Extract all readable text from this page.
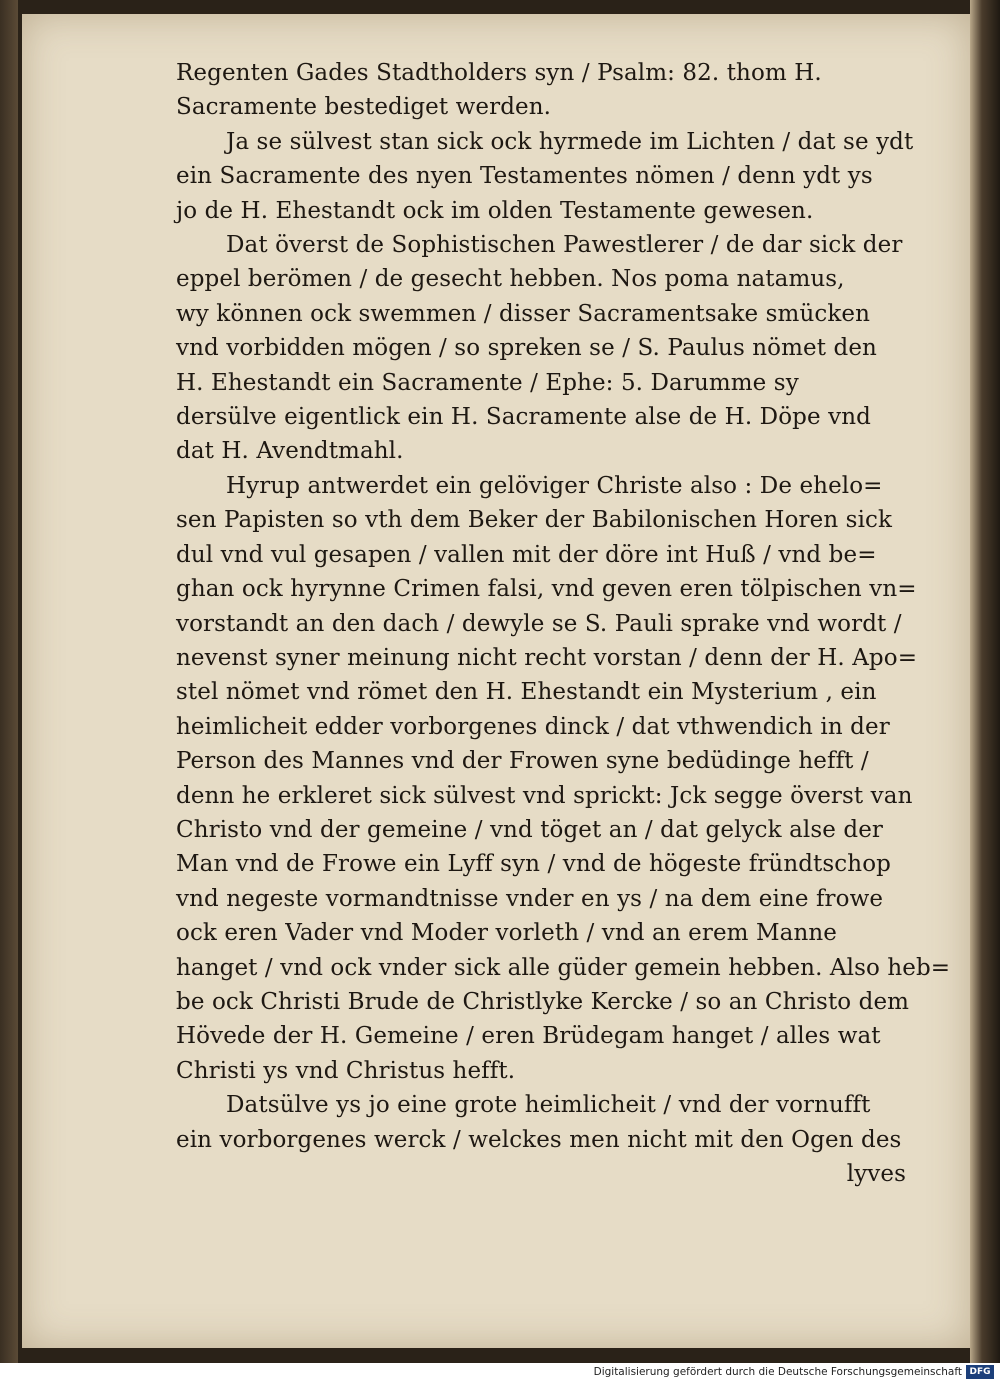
Regenten Gades Stadtholders syn / Psalm: 82. thom H.
Sacramente bestediget werden.
Ja se sülvest stan sick ock hyrmede im Lichten / dat se ydt
ein Sacramente des nyen Testamentes nömen / denn ydt ys
jo de H. Ehestandt ock im olden Testamente gewesen.
Dat överst de Sophistischen Pawestlerer / de dar sick der
eppel berömen / de gesecht hebben. Nos poma natamus,
wy können ock swemmen / disser Sacramentsake smücken
vnd vorbidden mögen / so spreken se / S. Paulus nömet den
H. Ehestandt ein Sacramente / Ephe: 5. Darumme sy
dersülve eigentlick ein H. Sacramente alse de H. Döpe vnd
dat H. Avendtmahl.
Hyrup antwerdet ein gelöviger Christe also : De ehelo=
sen Papisten so vth dem Beker der Babilonischen Horen sick
dul vnd vul gesapen / vallen mit der döre int Huß / vnd be=
ghan ock hyrynne Crimen falsi, vnd geven eren tölpischen vn=
vorstandt an den dach / dewyle se S. Pauli sprake vnd wordt /
nevenst syner meinung nicht recht vorstan / denn der H. Apo=
stel nömet vnd römet den H. Ehestandt ein Mysterium , ein
heimlicheit edder vorborgenes dinck / dat vthwendich in der
Person des Mannes vnd der Frowen syne bedüdinge hefft /
denn he erkleret sick sülvest vnd sprickt: Jck segge överst van
Christo vnd der gemeine / vnd töget an / dat gelyck alse der
Man vnd de Frowe ein Lyff syn / vnd de högeste fründtschop
vnd negeste vormandtnisse vnder en ys / na dem eine frowe
ock eren Vader vnd Moder vorleth / vnd an erem Manne
hanget / vnd ock vnder sick alle güder gemein hebben. Also heb=
be ock Christi Brude de Christlyke Kercke / so an Christo dem
Hövede der H. Gemeine / eren Brüdegam hanget / alles wat
Christi ys vnd Christus hefft.
Datsülve ys jo eine grote heimlicheit / vnd der vornufft
ein vorborgenes werck / welckes men nicht mit den Ogen des
lyves
Digitalisierung gefördert durch die Deutsche Forschungsgemeinschaft DFG
